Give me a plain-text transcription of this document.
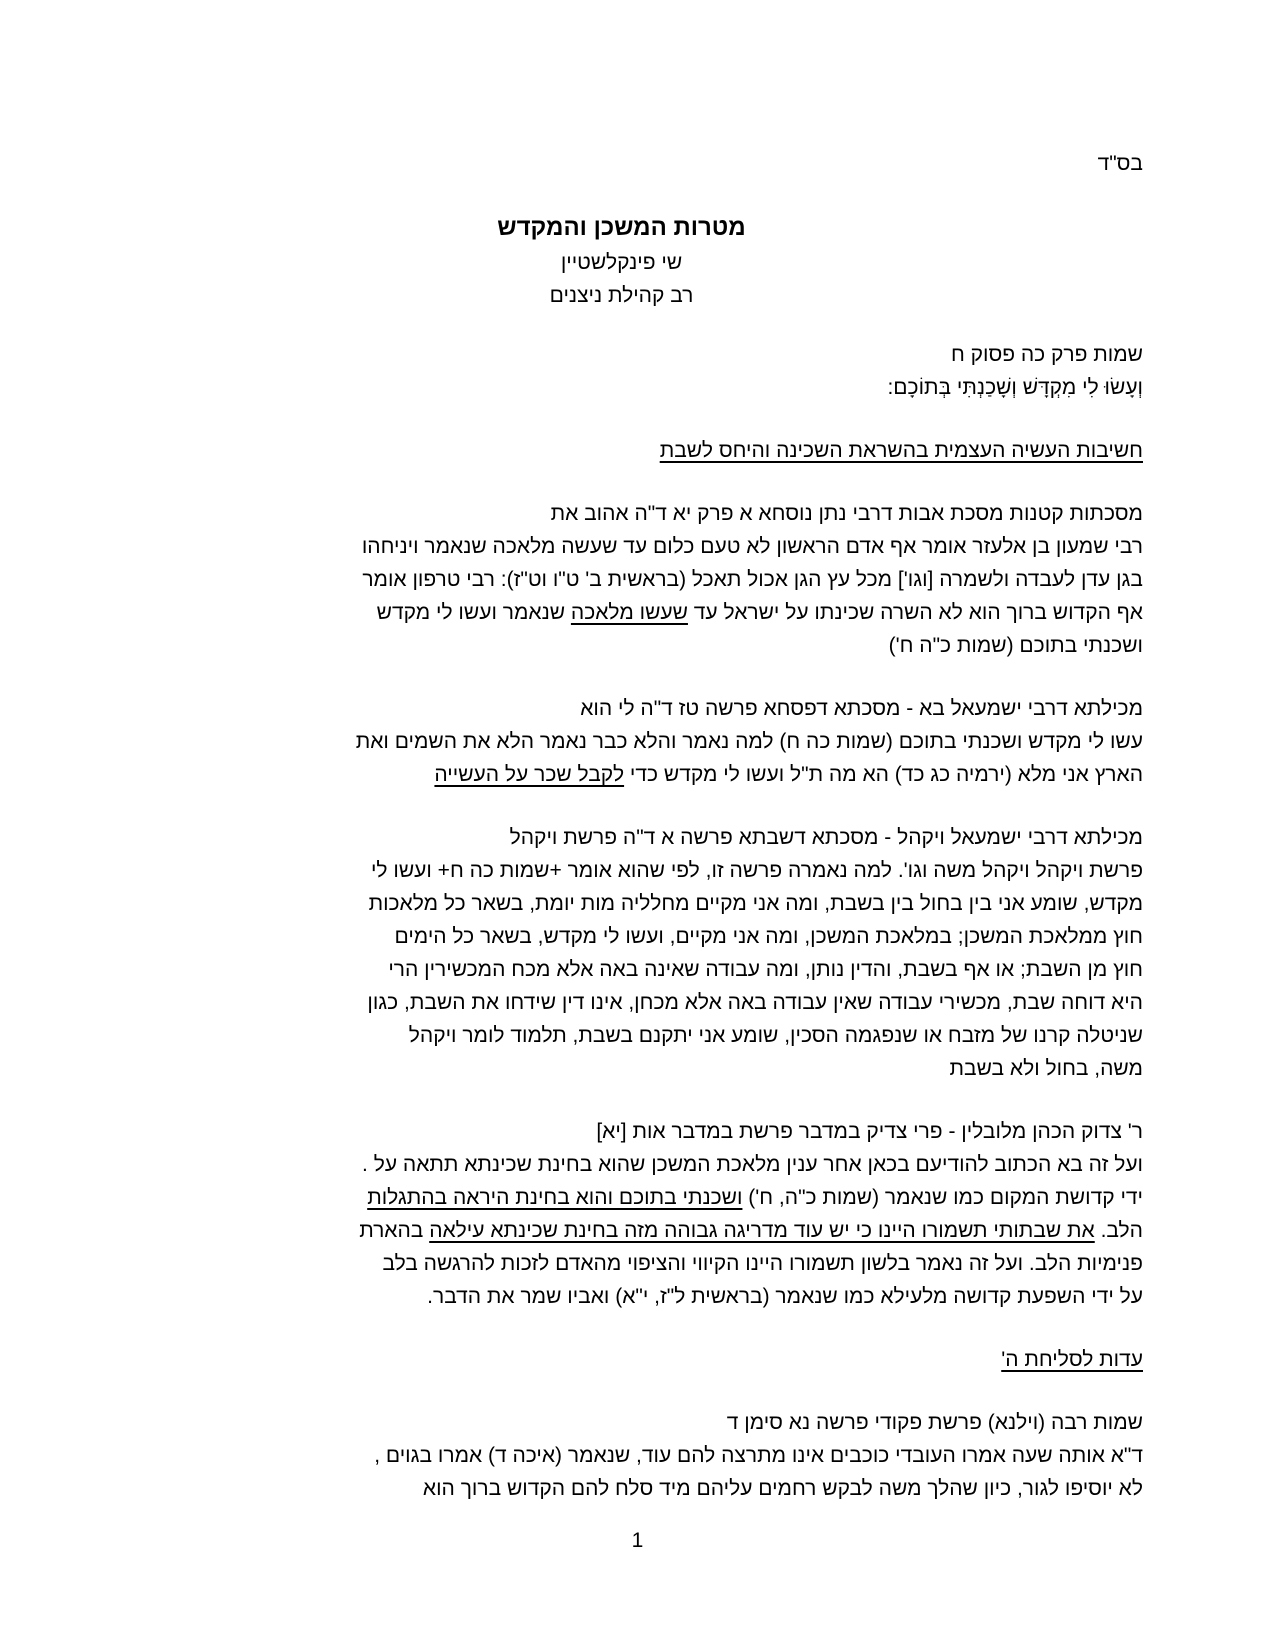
בס"ד
מטרות המשכן והמקדש
שי פינקלשטיין
רב קהילת ניצנים
שמות פרק כה פסוק ח
וְעָשׂוּ לִי מִקְדָּשׁ וְשָׁכַנְתִּי בְּתוֹכָם:
חשיבות העשיה העצמית בהשראת השכינה והיחס לשבת
מסכתות קטנות מסכת אבות דרבי נתן נוסחא א פרק יא ד"ה אהוב את
רבי שמעון בן אלעזר אומר אף אדם הראשון לא טעם כלום עד שעשה מלאכה שנאמר ויניחהו
בגן עדן לעבדה ולשמרה [וגו'] מכל עץ הגן אכול תאכל (בראשית ב' ט"ו וט"ז): רבי טרפון אומר
אף הקדוש ברוך הוא לא השרה שכינתו על ישראל עד שעשו מלאכה שנאמר ועשו לי מקדש
ושכנתי בתוכם (שמות כ"ה ח')
מכילתא דרבי ישמעאל בא - מסכתא דפסחא פרשה טז ד"ה לי הוא
עשו לי מקדש ושכנתי בתוכם (שמות כה ח) למה נאמר והלא כבר נאמר הלא את השמים ואת
הארץ אני מלא (ירמיה כג כד) הא מה ת"ל ועשו לי מקדש כדי לקבל שכר על העשייה
מכילתא דרבי ישמעאל ויקהל - מסכתא דשבתא פרשה א ד"ה פרשת ויקהל
פרשת ויקהל ויקהל משה וגו'. למה נאמרה פרשה זו, לפי שהוא אומר +שמות כה ח+ ועשו לי
מקדש, שומע אני בין בחול בין בשבת, ומה אני מקיים מחלליה מות יומת, בשאר כל מלאכות
חוץ ממלאכת המשכן; במלאכת המשכן, ומה אני מקיים, ועשו לי מקדש, בשאר כל הימים
חוץ מן השבת; או אף בשבת, והדין נותן, ומה עבודה שאינה באה אלא מכח המכשירין הרי
היא דוחה שבת, מכשירי עבודה שאין עבודה באה אלא מכחן, אינו דין שידחו את השבת, כגון
שניטלה קרנו של מזבח או שנפגמה הסכין, שומע אני יתקנם בשבת, תלמוד לומר ויקהל
משה, בחול ולא בשבת
ר' צדוק הכהן מלובלין - פרי צדיק במדבר פרשת במדבר אות [יא]
ועל זה בא הכתוב להודיעם בכאן אחר ענין מלאכת המשכן שהוא בחינת שכינתא תתאה על .
ידי קדושת המקום כמו שנאמר (שמות כ"ה, ח') ושכנתי בתוכם והוא בחינת היראה בהתגלות
הלב. את שבתותי תשמורו היינו כי יש עוד מדריגה גבוהה מזה בחינת שכינתא עילאה בהארת
פנימיות הלב. ועל זה נאמר בלשון תשמורו היינו הקיווי והציפוי מהאדם לזכות להרגשה בלב
על ידי השפעת קדושה מלעילא כמו שנאמר (בראשית ל"ז, י"א) ואביו שמר את הדבר.
עדות לסליחת ה'
שמות רבה (וילנא) פרשת פקודי פרשה נא סימן ד
ד"א אותה שעה אמרו העובדי כוכבים אינו מתרצה להם עוד, שנאמר (איכה ד) אמרו בגוים ,
לא יוסיפו לגור, כיון שהלך משה לבקש רחמים עליהם מיד סלח להם הקדוש ברוך הוא
1
